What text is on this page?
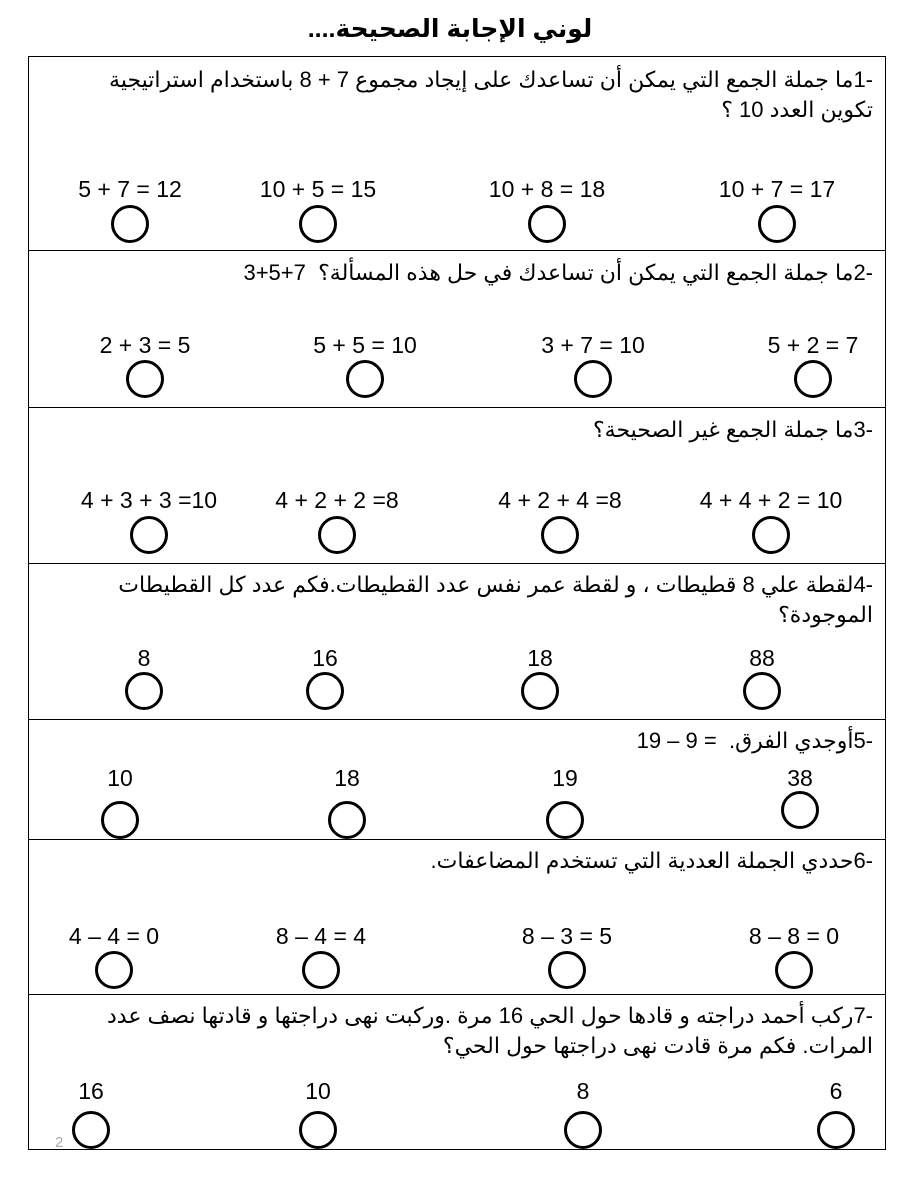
لوني الإجابة الصحيحة....
1-ما جملة الجمع التي يمكن أن تساعدك على إيجاد مجموع 7 + 8 باستخدام استراتيجية تكوين العدد 10 ؟
10 + 7 = 17
10 + 8 = 18
10 + 5 = 15
5 + 7 = 12
2-ما جملة الجمع التي يمكن أن تساعدك في حل هذه المسألة؟  3+5+7
5 + 2 = 7
3 + 7 = 10
5 + 5 = 10
2 + 3 = 5
3-ما جملة الجمع غير الصحيحة؟
4 + 4 + 2 = 10
4 + 2 + 4 =8
4 + 2 + 2 =8
4 + 3 + 3 =10
4-لقطة علي 8 قطيطات ، و لقطة عمر نفس عدد القطيطات.فكم عدد كل القطيطات الموجودة؟
88
18
16
8
5-أوجدي الفرق.  19 – 9 =
38
19
18
10
6-حددي الجملة العددية التي تستخدم المضاعفات.
8 – 8 = 0
8 – 3 = 5
8 – 4 = 4
4 – 4 = 0
7-ركب أحمد دراجته و قادها حول الحي 16 مرة .وركبت نهى دراجتها و قادتها نصف عدد المرات. فكم مرة قادت نهى دراجتها حول الحي؟
6
8
10
16
2
